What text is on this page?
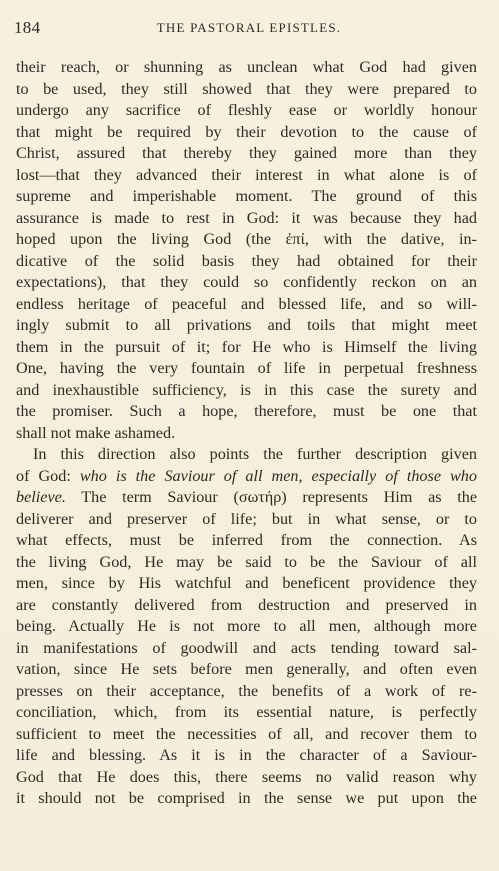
184	THE PASTORAL EPISTLES.
their reach, or shunning as unclean what God had given
to be used, they still showed that they were prepared to
undergo any sacrifice of fleshly ease or worldly honour
that might be required by their devotion to the cause of
Christ, assured that thereby they gained more than they
lost—that they advanced their interest in what alone is of
supreme and imperishable moment. The ground of this
assurance is made to rest in God: it was because they had
hoped upon the living God (the ἐπί, with the dative, in-
dicative of the solid basis they had obtained for their
expectations), that they could so confidently reckon on an
endless heritage of peaceful and blessed life, and so will-
ingly submit to all privations and toils that might meet
them in the pursuit of it; for He who is Himself the living
One, having the very fountain of life in perpetual freshness
and inexhaustible sufficiency, is in this case the surety and
the promiser. Such a hope, therefore, must be one that
shall not make ashamed.
In this direction also points the further description given
of God: who is the Saviour of all men, especially of those who
believe. The term Saviour (σωτήρ) represents Him as the
deliverer and preserver of life; but in what sense, or to
what effects, must be inferred from the connection. As
the living God, He may be said to be the Saviour of all
men, since by His watchful and beneficent providence they
are constantly delivered from destruction and preserved in
being. Actually He is not more to all men, although more
in manifestations of goodwill and acts tending toward sal-
vation, since He sets before men generally, and often even
presses on their acceptance, the benefits of a work of re-
conciliation, which, from its essential nature, is perfectly
sufficient to meet the necessities of all, and recover them to
life and blessing. As it is in the character of a Saviour-
God that He does this, there seems no valid reason why
it should not be comprised in the sense we put upon the
